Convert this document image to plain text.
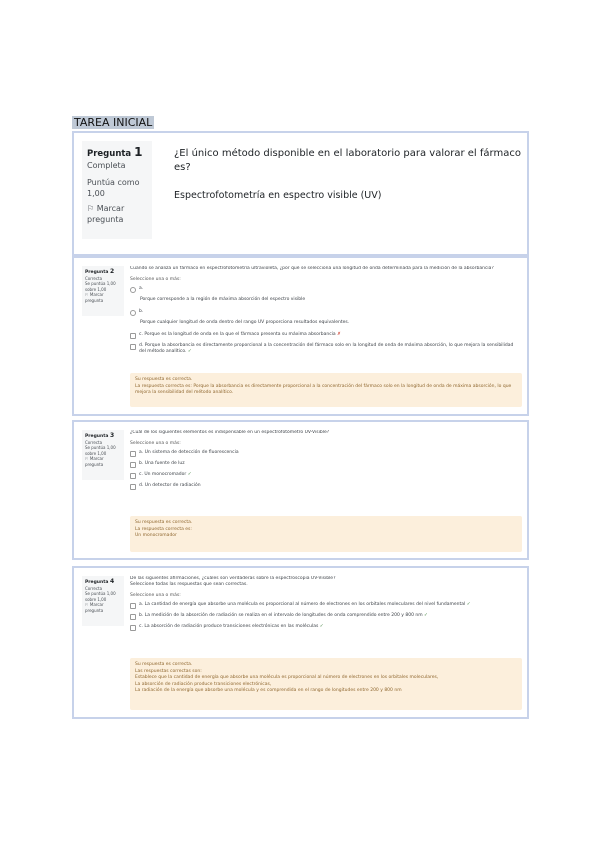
TAREA INICIAL
Pregunta 1
Completa
Puntúa como 1,00
⚐ Marcar pregunta
¿El único método disponible en el laboratorio para valorar el fármaco es?
Espectrofotometría en espectro visible (UV)
Pregunta 2
Correcta
Se puntúa 1,00 sobre 1,00
⚐ Marcar pregunta
Cuando se analiza un fármaco en espectrofotometría ultravioleta, ¿por qué se selecciona una longitud de onda determinada para la medición de la absorbancia?
Seleccione una o más:
a.
Porque corresponde a la región de máxima absorción del espectro visible
b.
Porque cualquier longitud de onda dentro del rango UV proporciona resultados equivalentes.
c. Porque es la longitud de onda en la que el fármaco presenta su máxima absorbancia ✗
d. Porque la absorbancia es directamente proporcional a la concentración del fármaco solo en la longitud de onda de máxima absorción, lo que mejora la sensibilidad del método analítico. ✓
Su respuesta es correcta.
La respuesta correcta es: Porque la absorbancia es directamente proporcional a la concentración del fármaco solo en la longitud de onda de máxima absorción, lo que mejora la sensibilidad del método analítico.
Pregunta 3
Correcta
Se puntúa 1,00 sobre 1,00
⚐ Marcar pregunta
¿Cuál de los siguientes elementos es indispensable en un espectrofotómetro UV-Visible?
Seleccione una o más:
a. Un sistema de detección de fluorescencia
b. Una fuente de luz
c. Un monocromador ✓
d. Un detector de radiación
Su respuesta es correcta.
La respuesta correcta es:
Un monocromador
Pregunta 4
Correcta
Se puntúa 1,00 sobre 1,00
⚐ Marcar pregunta
De las siguientes afirmaciones, ¿cuáles son verdaderas sobre la espectroscopia UV-Visible?
Seleccione todas las respuestas que sean correctas.
Seleccione una o más:
a. La cantidad de energía que absorbe una molécula es proporcional al número de electrones en los orbitales moleculares del nivel fundamental ✓
b. La medición de la absorción de radiación se realiza en el intervalo de longitudes de onda comprendido entre 200 y 800 nm ✓
c. La absorción de radiación produce transiciones electrónicas en las moléculas ✓
Su respuesta es correcta.
Las respuestas correctas son:
Establece que la cantidad de energía que absorbe una molécula es proporcional al número de electrones en los orbitales moleculares,
La absorción de radiación produce transiciones electrónicas,
La radiación de la energía que absorbe una molécula y es comprendida en el rango de longitudes entre 200 y 800 nm
